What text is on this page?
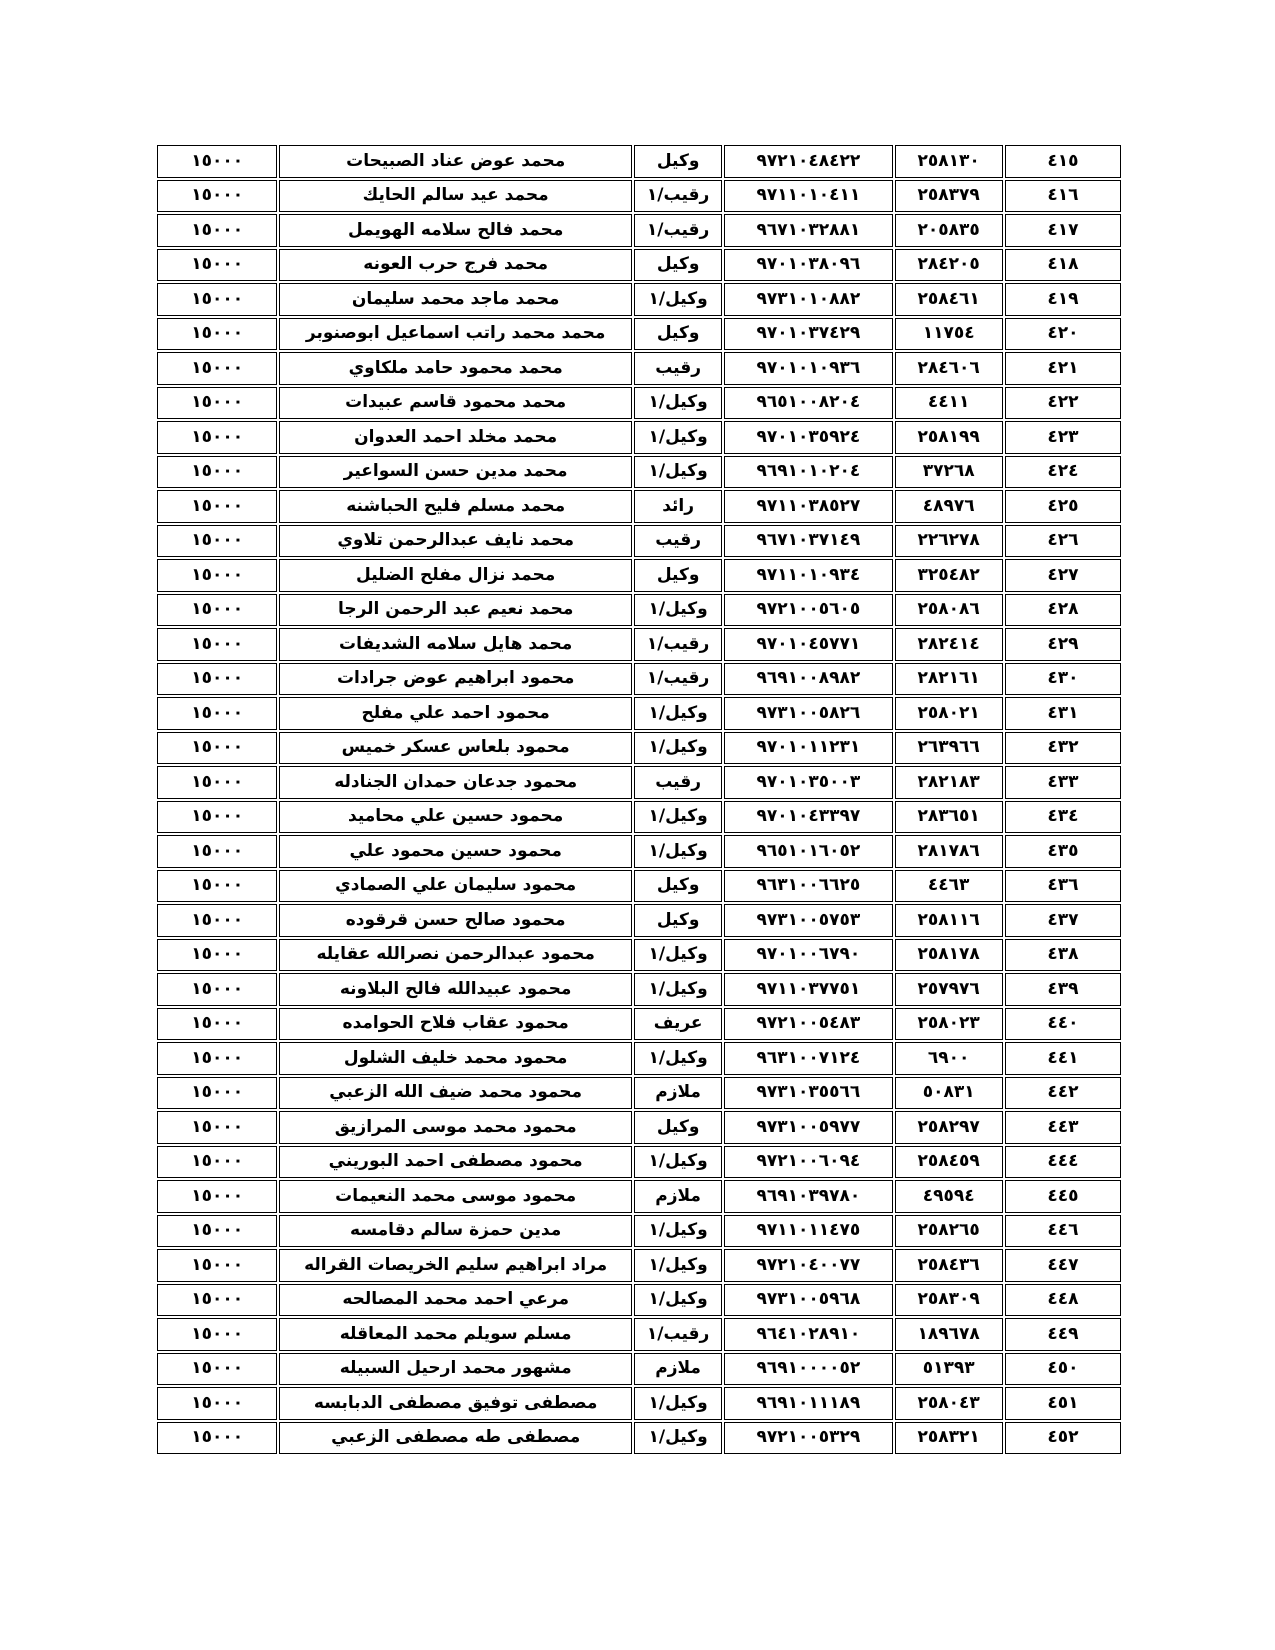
٤١٥	٢٥٨١٣٠	٩٧٢١٠٤٨٤٢٢	وكيل	محمد عوض عناد الصبيحات	١٥٠٠٠
٤١٦	٢٥٨٣٧٩	٩٧١١٠١٠٤١١	رقيب/١	محمد عيد سالم الحايك	١٥٠٠٠
٤١٧	٢٠٥٨٣٥	٩٦٧١٠٣٢٨٨١	رقيب/١	محمد فالح سلامه الهويمل	١٥٠٠٠
٤١٨	٢٨٤٢٠٥	٩٧٠١٠٣٨٠٩٦	وكيل	محمد فرج حرب العونه	١٥٠٠٠
٤١٩	٢٥٨٤٦١	٩٧٣١٠١٠٨٨٢	وكيل/١	محمد ماجد محمد سليمان	١٥٠٠٠
٤٢٠	١١٧٥٤	٩٧٠١٠٣٧٤٢٩	وكيل	محمد محمد راتب اسماعيل ابوصنوبر	١٥٠٠٠
٤٢١	٢٨٤٦٠٦	٩٧٠١٠١٠٩٣٦	رقيب	محمد محمود حامد ملكاوي	١٥٠٠٠
٤٢٢	٤٤١١	٩٦٥١٠٠٨٢٠٤	وكيل/١	محمد محمود قاسم عبيدات	١٥٠٠٠
٤٢٣	٢٥٨١٩٩	٩٧٠١٠٣٥٩٢٤	وكيل/١	محمد مخلد احمد العدوان	١٥٠٠٠
٤٢٤	٣٧٢٦٨	٩٦٩١٠١٠٢٠٤	وكيل/١	محمد مدين حسن السواعير	١٥٠٠٠
٤٢٥	٤٨٩٧٦	٩٧١١٠٣٨٥٢٧	رائد	محمد مسلم فليح الحباشنه	١٥٠٠٠
٤٢٦	٢٢٦٢٧٨	٩٦٧١٠٣٧١٤٩	رقيب	محمد نايف عبدالرحمن تلاوي	١٥٠٠٠
٤٢٧	٣٢٥٤٨٢	٩٧١١٠١٠٩٣٤	وكيل	محمد نزال مفلح الضليل	١٥٠٠٠
٤٢٨	٢٥٨٠٨٦	٩٧٢١٠٠٥٦٠٥	وكيل/١	محمد نعيم عبد الرحمن الرجا	١٥٠٠٠
٤٢٩	٢٨٢٤١٤	٩٧٠١٠٤٥٧٧١	رقيب/١	محمد هايل سلامه الشديفات	١٥٠٠٠
٤٣٠	٢٨٢١٦١	٩٦٩١٠٠٨٩٨٢	رقيب/١	محمود ابراهيم عوض جرادات	١٥٠٠٠
٤٣١	٢٥٨٠٢١	٩٧٣١٠٠٥٨٢٦	وكيل/١	محمود احمد علي مفلح	١٥٠٠٠
٤٣٢	٢٦٣٩٦٦	٩٧٠١٠١١٢٣١	وكيل/١	محمود بلعاس عسكر خميس	١٥٠٠٠
٤٣٣	٢٨٢١٨٣	٩٧٠١٠٣٥٠٠٣	رقيب	محمود جدعان حمدان الجنادله	١٥٠٠٠
٤٣٤	٢٨٣٦٥١	٩٧٠١٠٤٣٣٩٧	وكيل/١	محمود حسين علي محاميد	١٥٠٠٠
٤٣٥	٢٨١٧٨٦	٩٦٥١٠١٦٠٥٢	وكيل/١	محمود حسين محمود علي	١٥٠٠٠
٤٣٦	٤٤٦٣	٩٦٣١٠٠٦٦٢٥	وكيل	محمود سليمان علي الصمادي	١٥٠٠٠
٤٣٧	٢٥٨١١٦	٩٧٣١٠٠٥٧٥٣	وكيل	محمود صالح حسن قرقوده	١٥٠٠٠
٤٣٨	٢٥٨١٧٨	٩٧٠١٠٠٦٧٩٠	وكيل/١	محمود عبدالرحمن نصرالله عقايله	١٥٠٠٠
٤٣٩	٢٥٧٩٧٦	٩٧١١٠٣٧٧٥١	وكيل/١	محمود عبيدالله فالح البلاونه	١٥٠٠٠
٤٤٠	٢٥٨٠٢٣	٩٧٢١٠٠٥٤٨٣	عريف	محمود عقاب فلاح الحوامده	١٥٠٠٠
٤٤١	٦٩٠٠	٩٦٣١٠٠٧١٢٤	وكيل/١	محمود محمد خليف الشلول	١٥٠٠٠
٤٤٢	٥٠٨٣١	٩٧٣١٠٣٥٥٦٦	ملازم	محمود محمد ضيف الله الزعبي	١٥٠٠٠
٤٤٣	٢٥٨٢٩٧	٩٧٣١٠٠٥٩٧٧	وكيل	محمود محمد موسى المرازيق	١٥٠٠٠
٤٤٤	٢٥٨٤٥٩	٩٧٢١٠٠٦٠٩٤	وكيل/١	محمود مصطفى احمد البوريني	١٥٠٠٠
٤٤٥	٤٩٥٩٤	٩٦٩١٠٣٩٧٨٠	ملازم	محمود موسى محمد النعيمات	١٥٠٠٠
٤٤٦	٢٥٨٢٦٥	٩٧١١٠١١٤٧٥	وكيل/١	مدين حمزة سالم دقامسه	١٥٠٠٠
٤٤٧	٢٥٨٤٣٦	٩٧٢١٠٤٠٠٧٧	وكيل/١	مراد ابراهيم سليم الخريصات القراله	١٥٠٠٠
٤٤٨	٢٥٨٣٠٩	٩٧٣١٠٠٥٩٦٨	وكيل/١	مرعي احمد محمد المصالحه	١٥٠٠٠
٤٤٩	١٨٩٦٧٨	٩٦٤١٠٢٨٩١٠	رقيب/١	مسلم سويلم محمد المعاقله	١٥٠٠٠
٤٥٠	٥١٣٩٣	٩٦٩١٠٠٠٠٥٢	ملازم	مشهور محمد ارحيل السبيله	١٥٠٠٠
٤٥١	٢٥٨٠٤٣	٩٦٩١٠١١١٨٩	وكيل/١	مصطفى توفيق مصطفى الدبابسه	١٥٠٠٠
٤٥٢	٢٥٨٣٢١	٩٧٢١٠٠٥٣٢٩	وكيل/١	مصطفى طه مصطفى الزعبي	١٥٠٠٠
